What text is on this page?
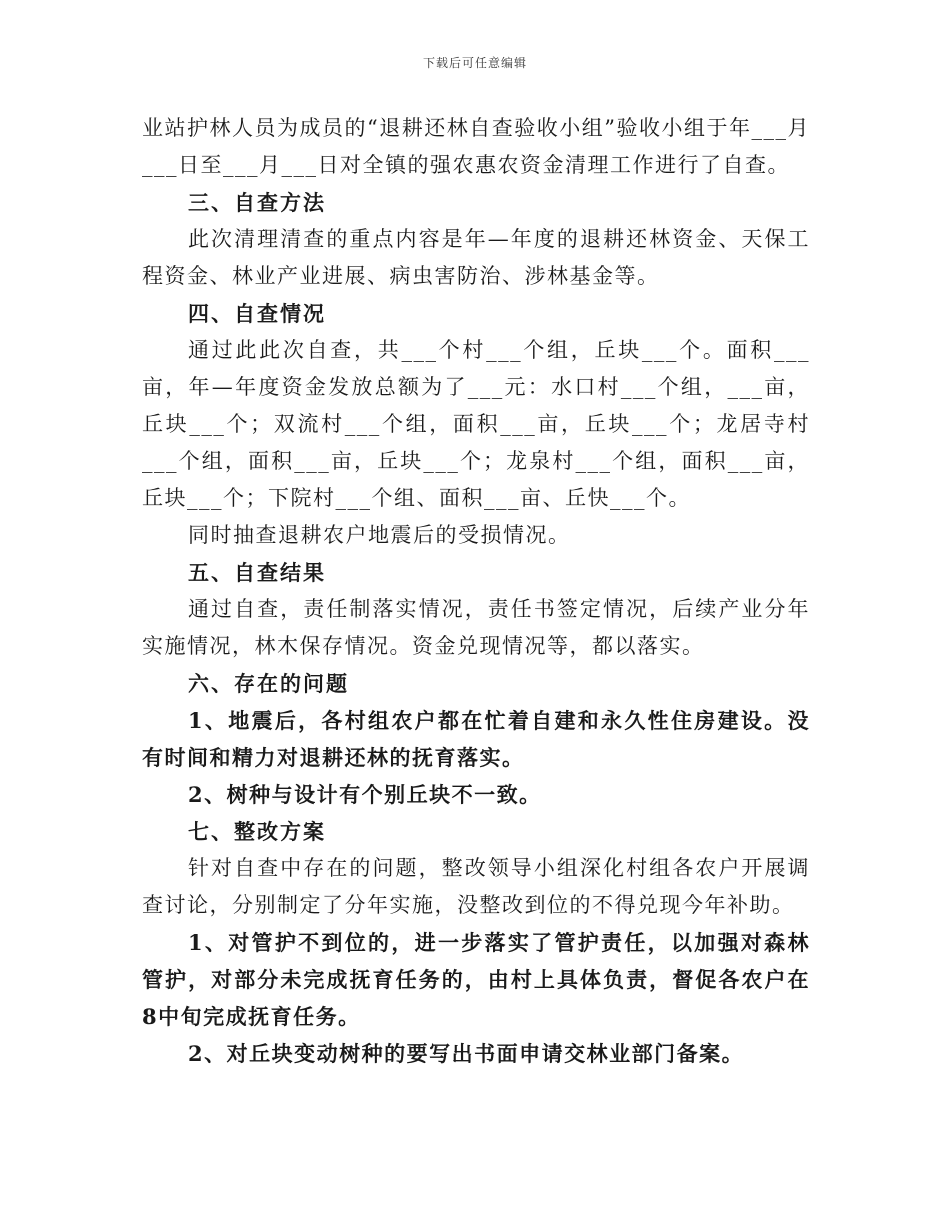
下载后可任意编辑

业站护林人员为成员的“退耕还林自查验收小组”验收小组于年___月___日至___月___日对全镇的强农惠农资金清理工作进行了自查。

三、自查方法

此次清理清查的重点内容是年—年度的退耕还林资金、天保工程资金、林业产业进展、病虫害防治、涉林基金等。

四、自查情况

通过此此次自查，共___个村___个组，丘块___个。面积___亩，年—年度资金发放总额为了___元：水口村___个组，___亩，丘块___个；双流村___个组，面积___亩，丘块___个；龙居寺村___个组，面积___亩，丘块___个；龙泉村___个组，面积___亩，丘块___个；下院村___个组、面积___亩、丘快___个。

同时抽查退耕农户地震后的受损情况。

五、自查结果

通过自查，责任制落实情况，责任书签定情况，后续产业分年实施情况，林木保存情况。资金兑现情况等，都以落实。

六、存在的问题

1、地震后，各村组农户都在忙着自建和永久性住房建设。没有时间和精力对退耕还林的抚育落实。

2、树种与设计有个别丘块不一致。

七、整改方案

针对自查中存在的问题，整改领导小组深化村组各农户开展调查讨论，分别制定了分年实施，没整改到位的不得兑现今年补助。

1、对管护不到位的，进一步落实了管护责任，以加强对森林管护，对部分未完成抚育任务的，由村上具体负责，督促各农户在8中旬完成抚育任务。

2、对丘块变动树种的要写出书面申请交林业部门备案。
